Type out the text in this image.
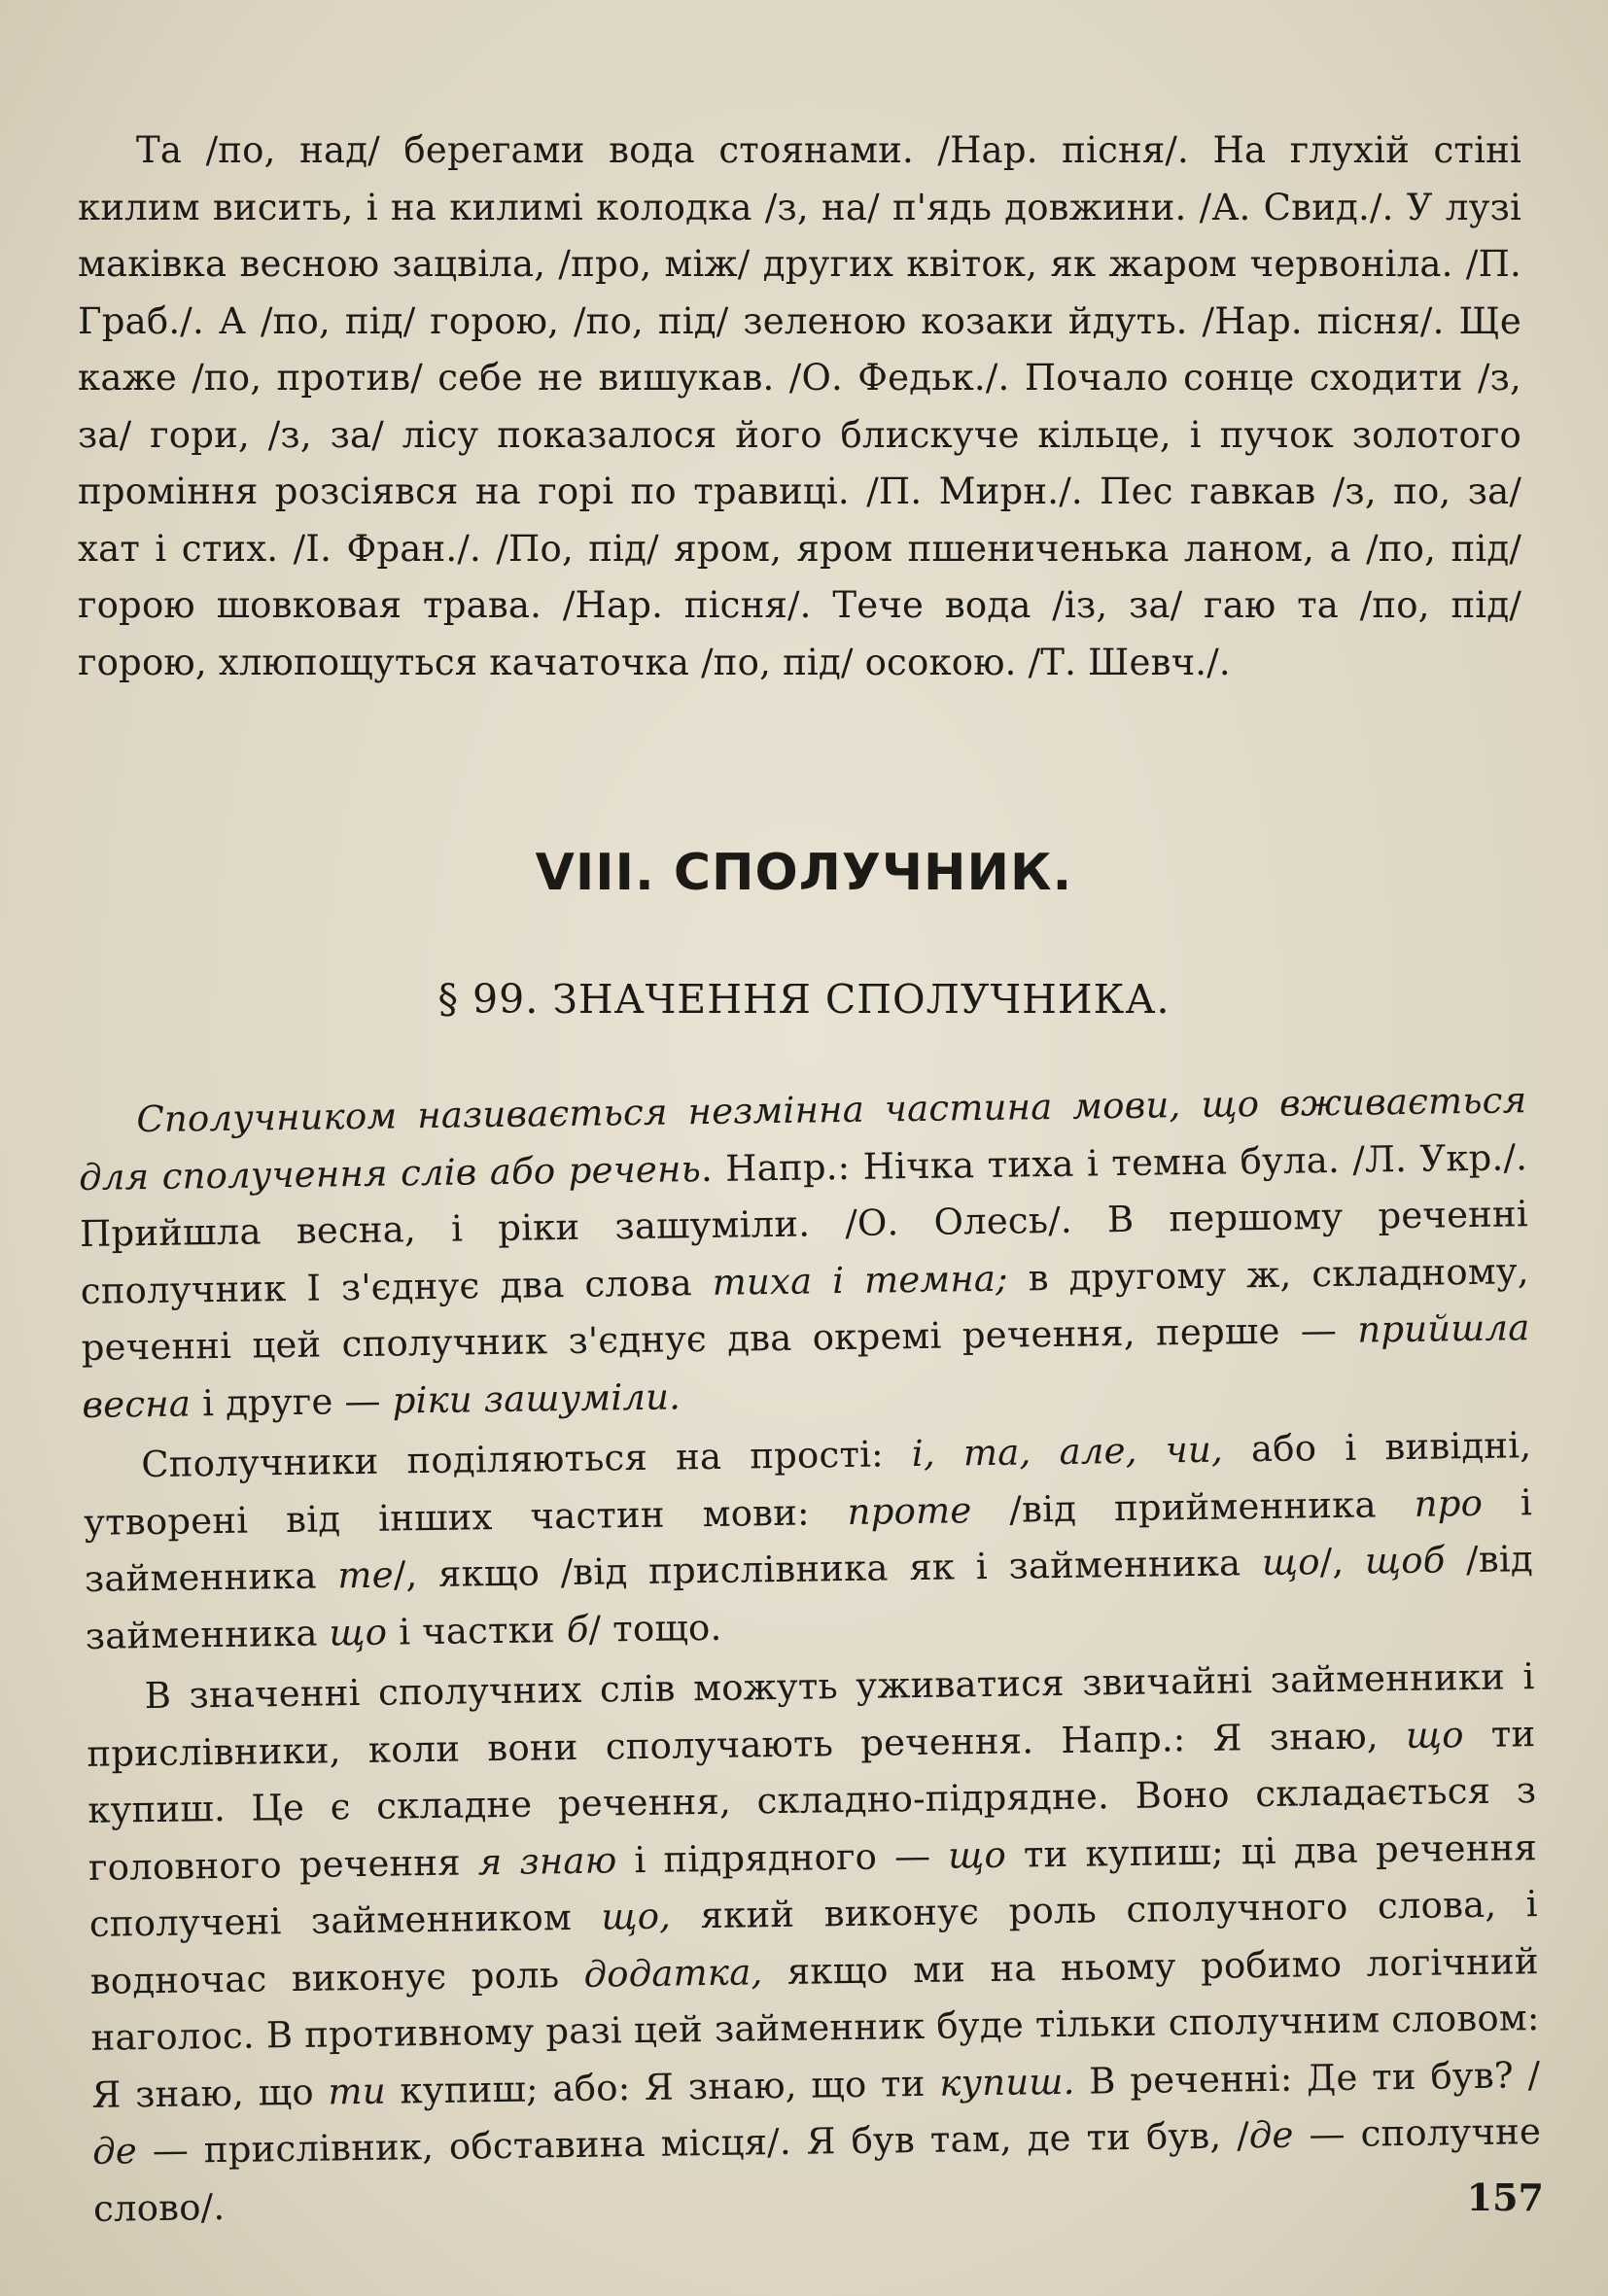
Та /по, над/ берегами вода стоянами. /Нар. пісня/. На глухій стіні килим висить, і на килимі колодка /з, на/ п'ядь довжини. /А. Свид./. У лузі маківка весною зацвіла, /про, між/ других квіток, як жаром червоніла. /П. Граб./. А /по, під/ горою, /по, під/ зеленою козаки йдуть. /Нар. пісня/. Ще каже /по, против/ себе не вишукав. /О. Федьк./. Почало сонце сходити /з, за/ гори, /з, за/ лісу показалося його блискуче кільце, і пучок золотого проміння розсіявся на горі по травиці. /П. Мирн./. Пес гавкав /з, по, за/ хат і стих. /І. Фран./. /По, під/ яром, яром пшениченька ланом, а /по, під/ горою шовковая трава. /Нар. пісня/. Тече вода /із, за/ гаю та /по, під/ горою, хлюпощуться качаточка /по, під/ осокою. /Т. Шевч./.

VIII. СПОЛУЧНИК.
§ 99. ЗНАЧЕННЯ СПОЛУЧНИКА.

Сполучником називається незмінна частина мови, що вживається для сполучення слів або речень. Напр.: Нічка тиха і темна була. /Л. Укр./. Прийшла весна, і ріки зашуміли. /О. Олесь/. В першому реченні сполучник І з'єднує два слова тиха і темна; в другому ж, складному, реченні цей сполучник з'єднує два окремі речення, перше — прийшла весна і друге — ріки зашуміли.

Сполучники поділяються на прості: і, та, але, чи, або і вивідні, утворені від інших частин мови: проте /від прийменника про і займенника те/, якщо /від прислівника як і займенника що/, щоб /від займенника що і частки б/ тощо.

В значенні сполучних слів можуть уживатися звичайні займенники і прислівники, коли вони сполучають речення. Напр.: Я знаю, що ти купиш. Це є складне речення, складно-підрядне. Воно складається з головного речення я знаю і підрядного — що ти купиш; ці два речення сполучені займенником що, який виконує роль сполучного слова, і водночас виконує роль додатка, якщо ми на ньому робимо логічний наголос. В противному разі цей займенник буде тільки сполучним словом: Я знаю, що ти купиш; або: Я знаю, що ти купиш. В реченні: Де ти був? /де — прислівник, обставина місця/. Я був там, де ти був, /де — сполучне слово/.	157
